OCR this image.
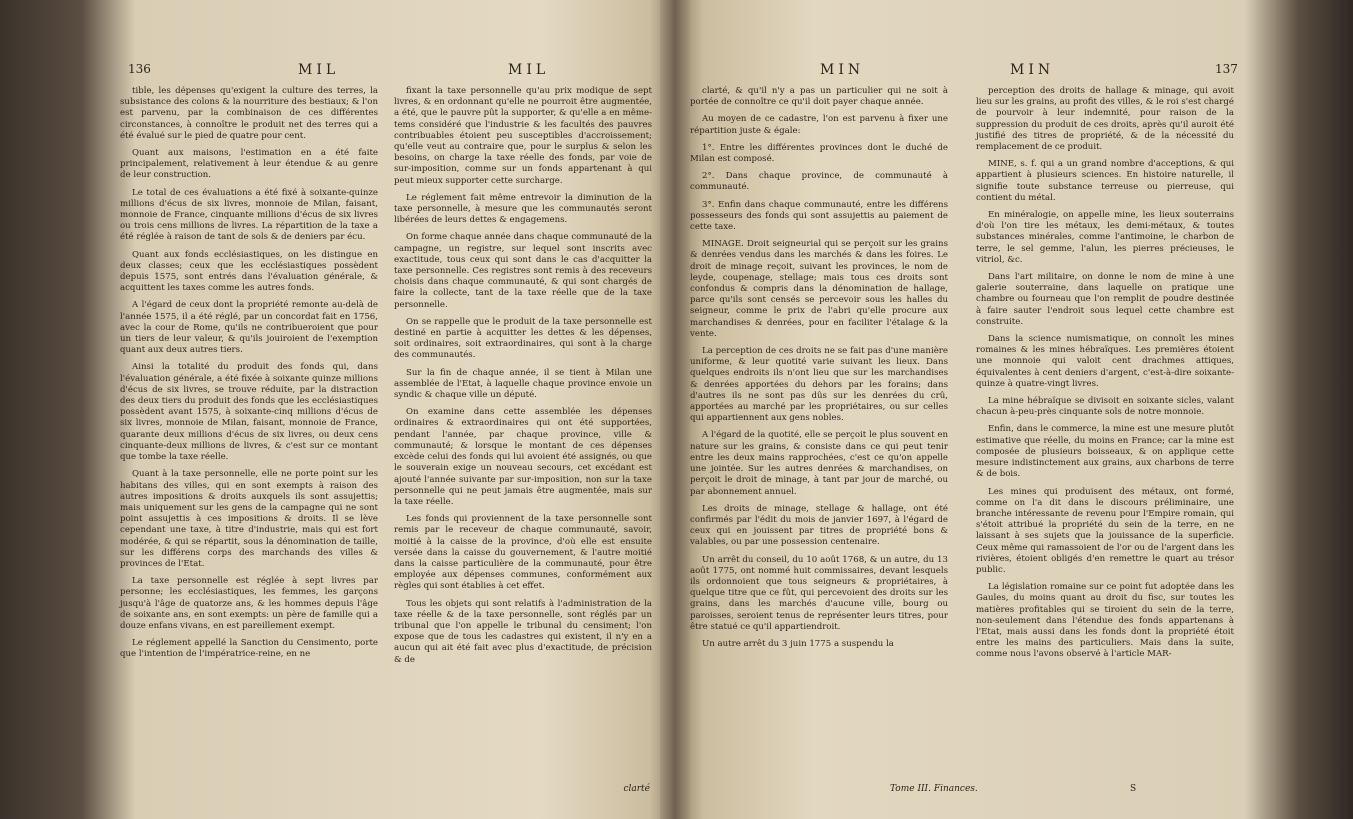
136	MIL	MIL

tible, les dépenses qu'exigent la culture des terres, la subsistance des colons & la nourriture des bestiaux; & l'on est parvenu, par la combinaison de ces différentes circonstances, à connoître le produit net des terres qui a été évalué sur le pied de quatre pour cent.

Quant aux maisons, l'estimation en a été faite principalement, relativement à leur étendue & au genre de leur construction.

Le total de ces évaluations a été fixé à soixante-quinze millions d'écus de six livres, monnoie de Milan, faisant, monnoie de France, cinquante millions d'écus de six livres ou trois cens millions de livres. La répartition de la taxe a été réglée à raison de tant de sols & de deniers par écu.

Quant aux fonds ecclésiastiques, on les distingue en deux classes; ceux que les ecclésiastiques possèdent depuis 1575, sont entrés dans l'évaluation générale, & acquittent les taxes comme les autres fonds.

A l'égard de ceux dont la propriété remonte au-delà de l'année 1575, il a été réglé, par un concordat fait en 1756, avec la cour de Rome, qu'ils ne contribueroient que pour un tiers de leur valeur, & qu'ils jouiroient de l'exemption quant aux deux autres tiers.

Ainsi la totalité du produit des fonds qui, dans l'évaluation générale, a été fixée à soixante quinze millions d'écus de six livres, se trouve réduite, par la distraction des deux tiers du produit des fonds que les ecclésiastiques possèdent avant 1575, à soixante-cinq millions d'écus de six livres, monnoie de Milan, faisant, monnoie de France, quarante deux millions d'écus de six livres, ou deux cens cinquante-deux millions de livres, & c'est sur ce montant que tombe la taxe réelle.

Quant à la taxe personnelle, elle ne porte point sur les habitans des villes, qui en sont exempts à raison des autres impositions & droits auxquels ils sont assujettis; mais uniquement sur les gens de la campagne qui ne sont point assujettis à ces impositions & droits. Il se lève cependant une taxe, à titre d'industrie, mais qui est fort modérée, & qui se répartit, sous la dénomination de taille, sur les différens corps des marchands des villes & provinces de l'Etat.

La taxe personnelle est réglée à sept livres par personne; les ecclésiastiques, les femmes, les garçons jusqu'à l'âge de quatorze ans, & les hommes depuis l'âge de soixante ans, en sont exempts: un père de famille qui a douze enfans vivans, en est pareillement exempt.

Le réglement appellé la Sanction du Censimento, porte que l'intention de l'impératrice-reine, en ne

fixant la taxe personnelle qu'au prix modique de sept livres, & en ordonnant qu'elle ne pourroit être augmentée, a été, que le pauvre pût la supporter, & qu'elle a en même-tems considéré que l'industrie & les facultés des pauvres contribuables étoient peu susceptibles d'accroissement; qu'elle veut au contraire que, pour le surplus & selon les besoins, on charge la taxe réelle des fonds, par voie de sur-imposition, comme sur un fonds appartenant à qui peut mieux supporter cette surcharge.

Le réglement fait même entrevoir la diminution de la taxe personnelle, à mesure que les communautés seront libérées de leurs dettes & engagemens.

On forme chaque année dans chaque communauté de la campagne, un registre, sur lequel sont inscrits avec exactitude, tous ceux qui sont dans le cas d'acquitter la taxe personnelle. Ces registres sont remis à des receveurs choisis dans chaque communauté, & qui sont chargés de faire la collecte, tant de la taxe réelle que de la taxe personnelle.

On se rappelle que le produit de la taxe personnelle est destiné en partie à acquitter les dettes & les dépenses, soit ordinaires, soit extraordinaires, qui sont à la charge des communautés.

Sur la fin de chaque année, il se tient à Milan une assemblée de l'Etat, à laquelle chaque province envoie un syndic & chaque ville un député.

On examine dans cette assemblée les dépenses ordinaires & extraordinaires qui ont été supportées, pendant l'année, par chaque province, ville & communauté; & lorsque le montant de ces dépenses excède celui des fonds qui lui avoient été assignés, ou que le souverain exige un nouveau secours, cet excédant est ajouté l'année suivante par sur-imposition, non sur la taxe personnelle qui ne peut jamais être augmentée, mais sur la taxe réelle.

Les fonds qui proviennent de la taxe personnelle sont remis par le receveur de chaque communauté, savoir, moitié à la caisse de la province, d'où elle est ensuite versée dans la caisse du gouvernement, & l'autre moitié dans la caisse particulière de la communauté, pour être employée aux dépenses communes, conformément aux règles qui sont établies à cet effet.

Tous les objets qui sont relatifs à l'administration de la taxe réelle & de la taxe personnelle, sont réglés par un tribunal que l'on appelle le tribunal du censiment; l'on expose que de tous les cadastres qui existent, il n'y en a aucun qui ait été fait avec plus d'exactitude, de précision & de

clarté
MIN	MIN	137

clarté, & qu'il n'y a pas un particulier qui ne soit à portée de connoître ce qu'il doit payer chaque année.

Au moyen de ce cadastre, l'on est parvenu à fixer une répartition juste & égale:

1°. Entre les différentes provinces dont le duché de Milan est composé.

2°. Dans chaque province, de communauté à communauté.

3°. Enfin dans chaque communauté, entre les différens possesseurs des fonds qui sont assujettis au paiement de cette taxe.

MINAGE. Droit seigneurial qui se perçoit sur les grains & denrées vendus dans les marchés & dans les foires. Le droit de minage reçoit, suivant les provinces, le nom de leyde, coupenage, stellage; mais tous ces droits sont confondus & compris dans la dénomination de hallage, parce qu'ils sont censés se percevoir sous les halles du seigneur, comme le prix de l'abri qu'elle procure aux marchandises & denrées, pour en faciliter l'étalage & la vente.

La perception de ces droits ne se fait pas d'une manière uniforme, & leur quotité varie suivant les lieux. Dans quelques endroits ils n'ont lieu que sur les marchandises & denrées apportées du dehors par les forains; dans d'autres ils ne sont pas dûs sur les denrées du crû, apportées au marché par les propriétaires, ou sur celles qui appartiennent aux gens nobles.

A l'égard de la quotité, elle se perçoit le plus souvent en nature sur les grains, & consiste dans ce qui peut tenir entre les deux mains rapprochées, c'est ce qu'on appelle une jointée. Sur les autres denrées & marchandises, on perçoit le droit de minage, à tant par jour de marché, ou par abonnement annuel.

Les droits de minage, stellage & hallage, ont été confirmés par l'édit du mois de janvier 1697, à l'égard de ceux qui en jouissent par titres de propriété bons & valables, ou par une possession centenaire.

Un arrêt du conseil, du 10 août 1768, & un autre, du 13 août 1775, ont nommé huit commissaires, devant lesquels ils ordonnoient que tous seigneurs & propriétaires, à quelque titre que ce fût, qui percevoient des droits sur les grains, dans les marchés d'aucune ville, bourg ou paroisses, seroient tenus de représenter leurs titres, pour être statué ce qu'il appartiendroit.

Un autre arrêt du 3 juin 1775 a suspendu la

perception des droits de hallage & minage, qui avoit lieu sur les grains, au profit des villes, & le roi s'est chargé de pourvoir à leur indemnité, pour raison de la suppression du produit de ces droits, après qu'il auroit été justifié des titres de propriété, & de la nécessité du remplacement de ce produit.

MINE, s. f. qui a un grand nombre d'acceptions, & qui appartient à plusieurs sciences. En histoire naturelle, il signifie toute substance terreuse ou pierreuse, qui contient du métal.

En minéralogie, on appelle mine, les lieux souterrains d'où l'on tire les métaux, les demi-métaux, & toutes substances minérales, comme l'antimoine, le charbon de terre, le sel gemme, l'alun, les pierres précieuses, le vitriol, &c.

Dans l'art militaire, on donne le nom de mine à une galerie souterraine, dans laquelle on pratique une chambre ou fourneau que l'on remplit de poudre destinée à faire sauter l'endroit sous lequel cette chambre est construite.

Dans la science numismatique, on connoît les mines romaines & les mines hébraïques. Les premières étoient une monnoie qui valoit cent drachmes attiques, équivalentes à cent deniers d'argent, c'est-à-dire soixante-quinze à quatre-vingt livres.

La mine hébraïque se divisoit en soixante sicles, valant chacun à-peu-près cinquante sols de notre monnoie.

Enfin, dans le commerce, la mine est une mesure plutôt estimative que réelle, du moins en France; car la mine est composée de plusieurs boisseaux, & on applique cette mesure indistinctement aux grains, aux charbons de terre & de bois.

Les mines qui produisent des métaux, ont formé, comme on l'a dit dans le discours préliminaire, une branche intéressante de revenu pour l'Empire romain, qui s'étoit attribué la propriété du sein de la terre, en ne laissant à ses sujets que la jouissance de la superficie. Ceux même qui ramassoient de l'or ou de l'argent dans les rivières, étoient obligés d'en remettre le quart au trésor public.

La législation romaine sur ce point fut adoptée dans les Gaules, du moins quant au droit du fisc, sur toutes les matières profitables qui se tiroient du sein de la terre, non-seulement dans l'étendue des fonds appartenans à l'Etat, mais aussi dans les fonds dont la propriété étoit entre les mains des particuliers. Mais dans la suite, comme nous l'avons observé à l'article MAR-

Tome III. Finances.	S
